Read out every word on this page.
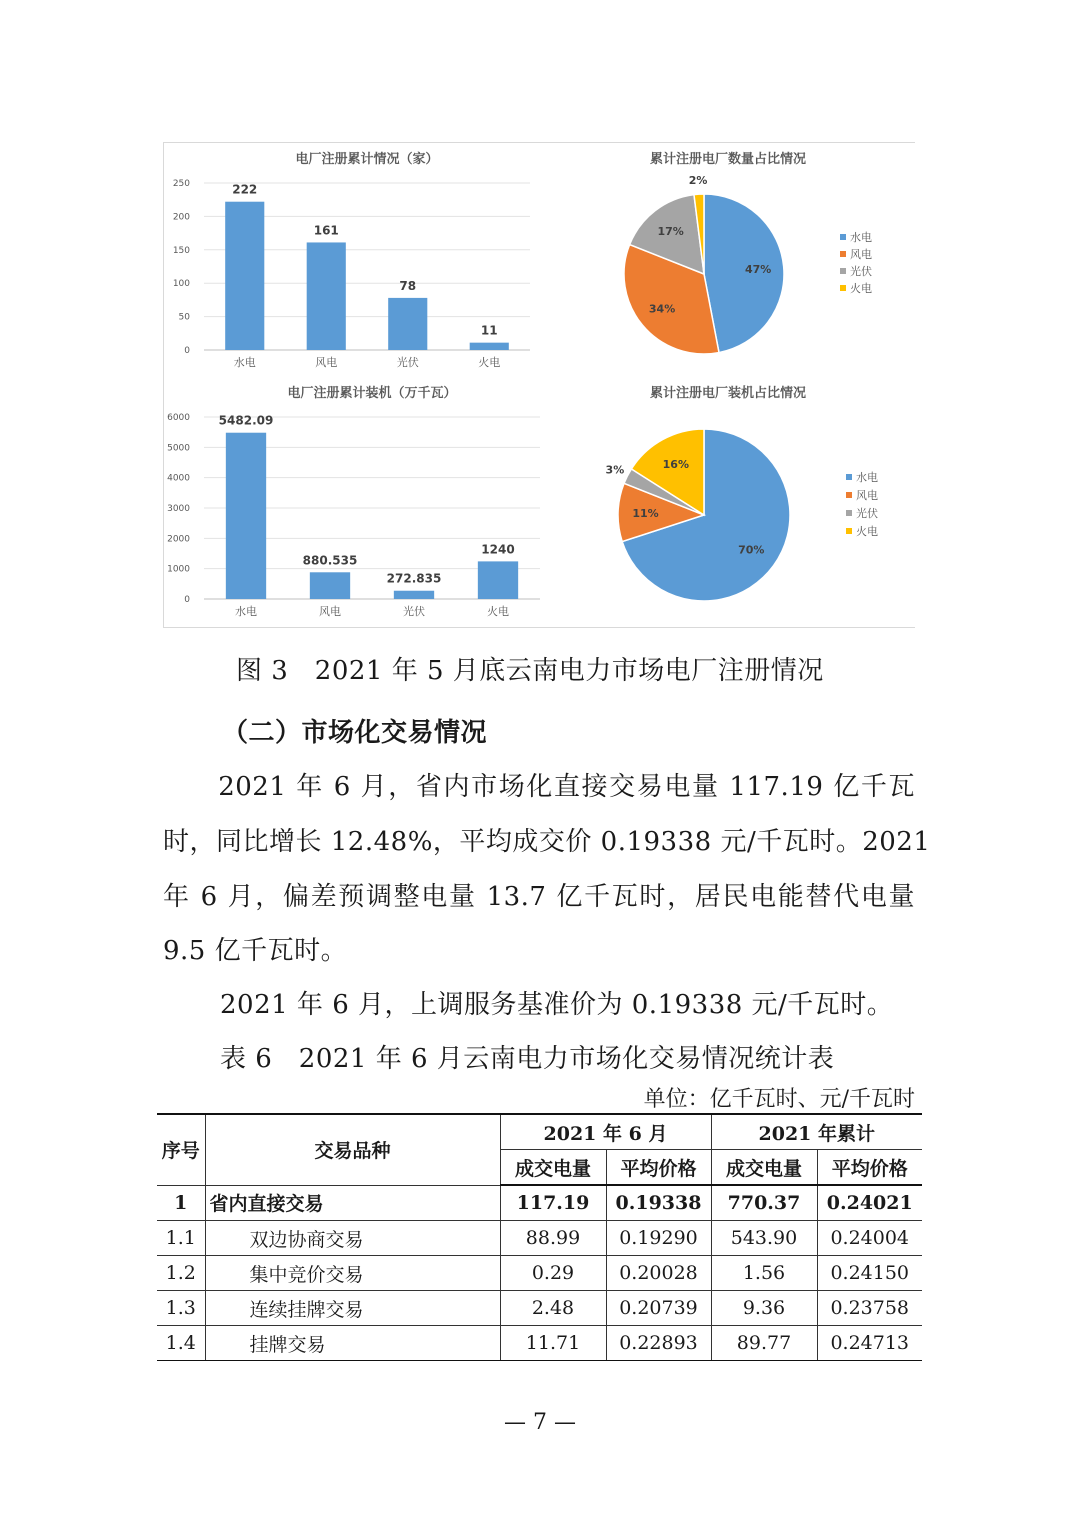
电厂注册累计情况（家）
0
50
100
150
200
250	222
水电
161
风电
78
光伏
11
火电
累计注册电厂数量占比情况
47%
34%
17%
2%
水电
风电
光伏
火电
电厂注册累计装机（万千瓦）
0
1000
2000
3000
4000
5000
6000 5482.09
水电
880.535
风电
272.835
光伏
1240
火电
累计注册电厂装机占比情况
70%
11%
3%	16%
水电
风电
光伏
火电
图 3　2021 年 5 月底云南电力市场电厂注册情况
（二）市场化交易情况
　　2021 年 6 月，省内市场化直接交易电量 117.19 亿千瓦
时，同比增长 12.48%，平均成交价 0.19338 元/千瓦时。2021
年 6 月，偏差预调整电量 13.7 亿千瓦时，居民电能替代电量
9.5 亿千瓦时。
2021 年 6 月，上调服务基准价为 0.19338 元/千瓦时。
表 6　2021 年 6 月云南电力市场化交易情况统计表
单位：亿千瓦时、元/千瓦时
序号	交易品种	2021 年 6 月		2021 年累计	
		成交电量	平均价格	成交电量	平均价格
1	省内直接交易	117.19	0.19338	770.37	0.24021
1.1	双边协商交易	88.99	0.19290	543.90	0.24004
1.2	集中竞价交易	0.29	0.20028	1.56	0.24150
1.3	连续挂牌交易	2.48	0.20739	9.36	0.23758
1.4	挂牌交易	11.71	0.22893	89.77	0.24713
— 7 —
